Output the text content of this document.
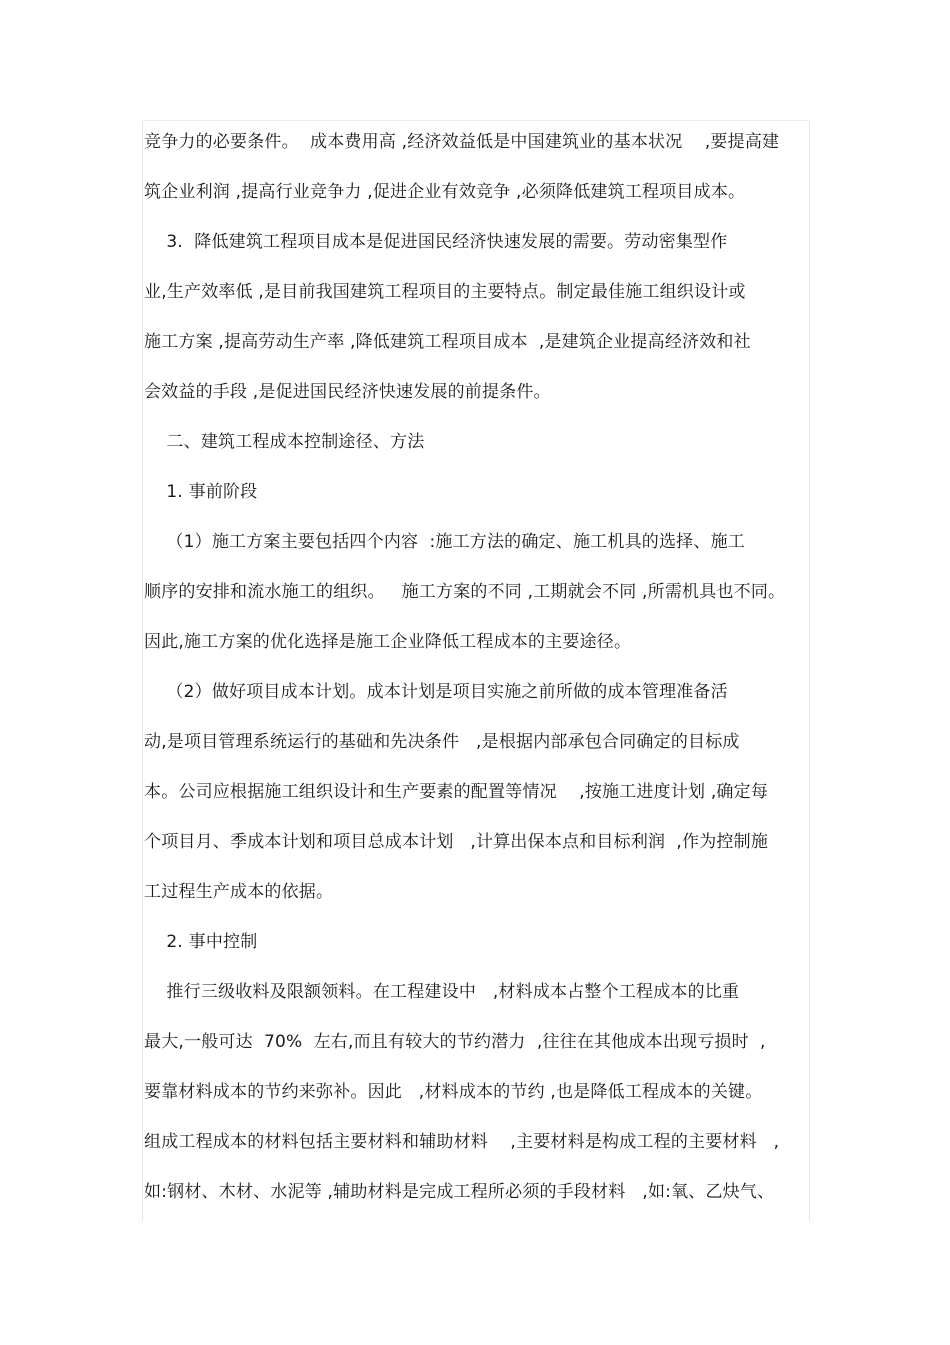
竞争力的必要条件。  成本费用高 ,经济效益低是中国建筑业的基本状况    ,要提高建
筑企业利润 ,提高行业竞争力 ,促进企业有效竞争 ,必须降低建筑工程项目成本。
3.  降低建筑工程项目成本是促进国民经济快速发展的需要。劳动密集型作
业,生产效率低 ,是目前我国建筑工程项目的主要特点。制定最佳施工组织设计或
施工方案 ,提高劳动生产率 ,降低建筑工程项目成本  ,是建筑企业提高经济效和社
会效益的手段 ,是促进国民经济快速发展的前提条件。
二、建筑工程成本控制途径、方法
1. 事前阶段
（1）施工方案主要包括四个内容  :施工方法的确定、施工机具的选择、施工
顺序的安排和流水施工的组织。   施工方案的不同 ,工期就会不同 ,所需机具也不同。
因此,施工方案的优化选择是施工企业降低工程成本的主要途径。
（2）做好项目成本计划。成本计划是项目实施之前所做的成本管理准备活
动,是项目管理系统运行的基础和先决条件   ,是根据内部承包合同确定的目标成
本。公司应根据施工组织设计和生产要素的配置等情况    ,按施工进度计划 ,确定每
个项目月、季成本计划和项目总成本计划   ,计算出保本点和目标利润  ,作为控制施
工过程生产成本的依据。
2. 事中控制
推行三级收料及限额领料。在工程建设中   ,材料成本占整个工程成本的比重
最大,一般可达  70%  左右,而且有较大的节约潜力  ,往往在其他成本出现亏损时  ,
要靠材料成本的节约来弥补。因此   ,材料成本的节约 ,也是降低工程成本的关键。
组成工程成本的材料包括主要材料和辅助材料    ,主要材料是构成工程的主要材料   ,
如:钢材、木材、水泥等 ,辅助材料是完成工程所必须的手段材料   ,如:氧、乙炔气、
